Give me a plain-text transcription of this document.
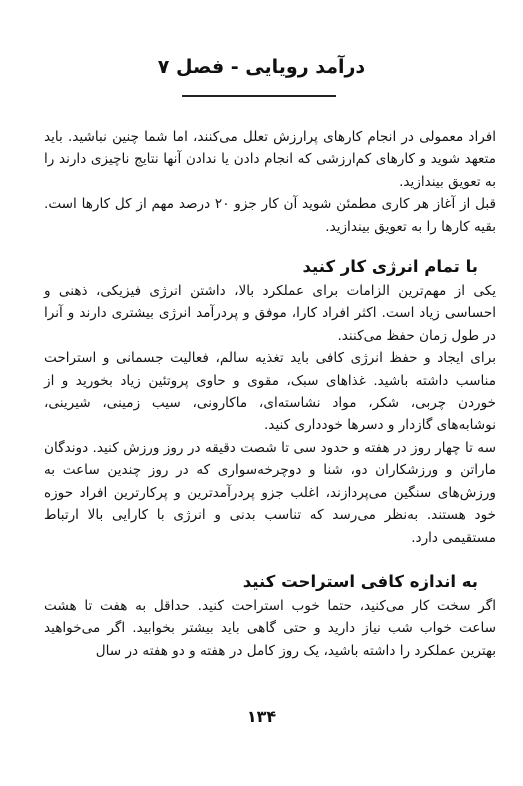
درآمد رویایی - فصل ۷

افراد معمولی در انجام کارهای پرارزش تعلل می‌کنند، اما شما چنین نباشید. باید متعهد شوید و کارهای کم‌ارزشی که انجام دادن یا ندادن آنها نتایج ناچیزی دارند را به تعویق بیندازید.

قبل از آغاز هر کاری مطمئن شوید آن کار جزو ۲۰ درصد مهم از کل کارها است. بقیه کارها را به تعویق بیندازید.

با تمام انرژی کار کنید

یکی از مهم‌ترین الزامات برای عملکرد بالا، داشتن انرژی فیزیکی، ذهنی و احساسی زیاد است. اکثر افراد کارا، موفق و پردرآمد انرژی بیشتری دارند و آنرا در طول زمان حفظ می‌کنند.

برای ایجاد و حفظ انرژی کافی باید تغذیه سالم، فعالیت جسمانی و استراحت مناسب داشته باشید. غذاهای سبک، مقوی و حاوی پروتئین زیاد بخورید و از خوردن چربی، شکر، مواد نشاسته‌ای، ماکارونی، سیب زمینی، شیرینی، نوشابه‌های گازدار و دسرها خودداری کنید.

سه تا چهار روز در هفته و حدود سی تا شصت دقیقه در روز ورزش کنید. دوندگان ماراتن و ورزشکاران دو، شنا و دوچرخه‌سواری که در روز چندین ساعت به ورزش‌های سنگین می‌پردازند، اغلب جزو پردرآمدترین و پرکارترین افراد حوزه خود هستند. به‌نظر می‌رسد که تناسب بدنی و انرژی با کارایی بالا ارتباط مستقیمی دارد.

به اندازه کافی استراحت کنید

اگر سخت کار می‌کنید، حتما خوب استراحت کنید. حداقل به هفت تا هشت ساعت خواب شب نیاز دارید و حتی گاهی باید بیشتر بخوابید. اگر می‌خواهید بهترین عملکرد را داشته باشید، یک روز کامل در هفته و دو هفته در سال

۱۳۴
